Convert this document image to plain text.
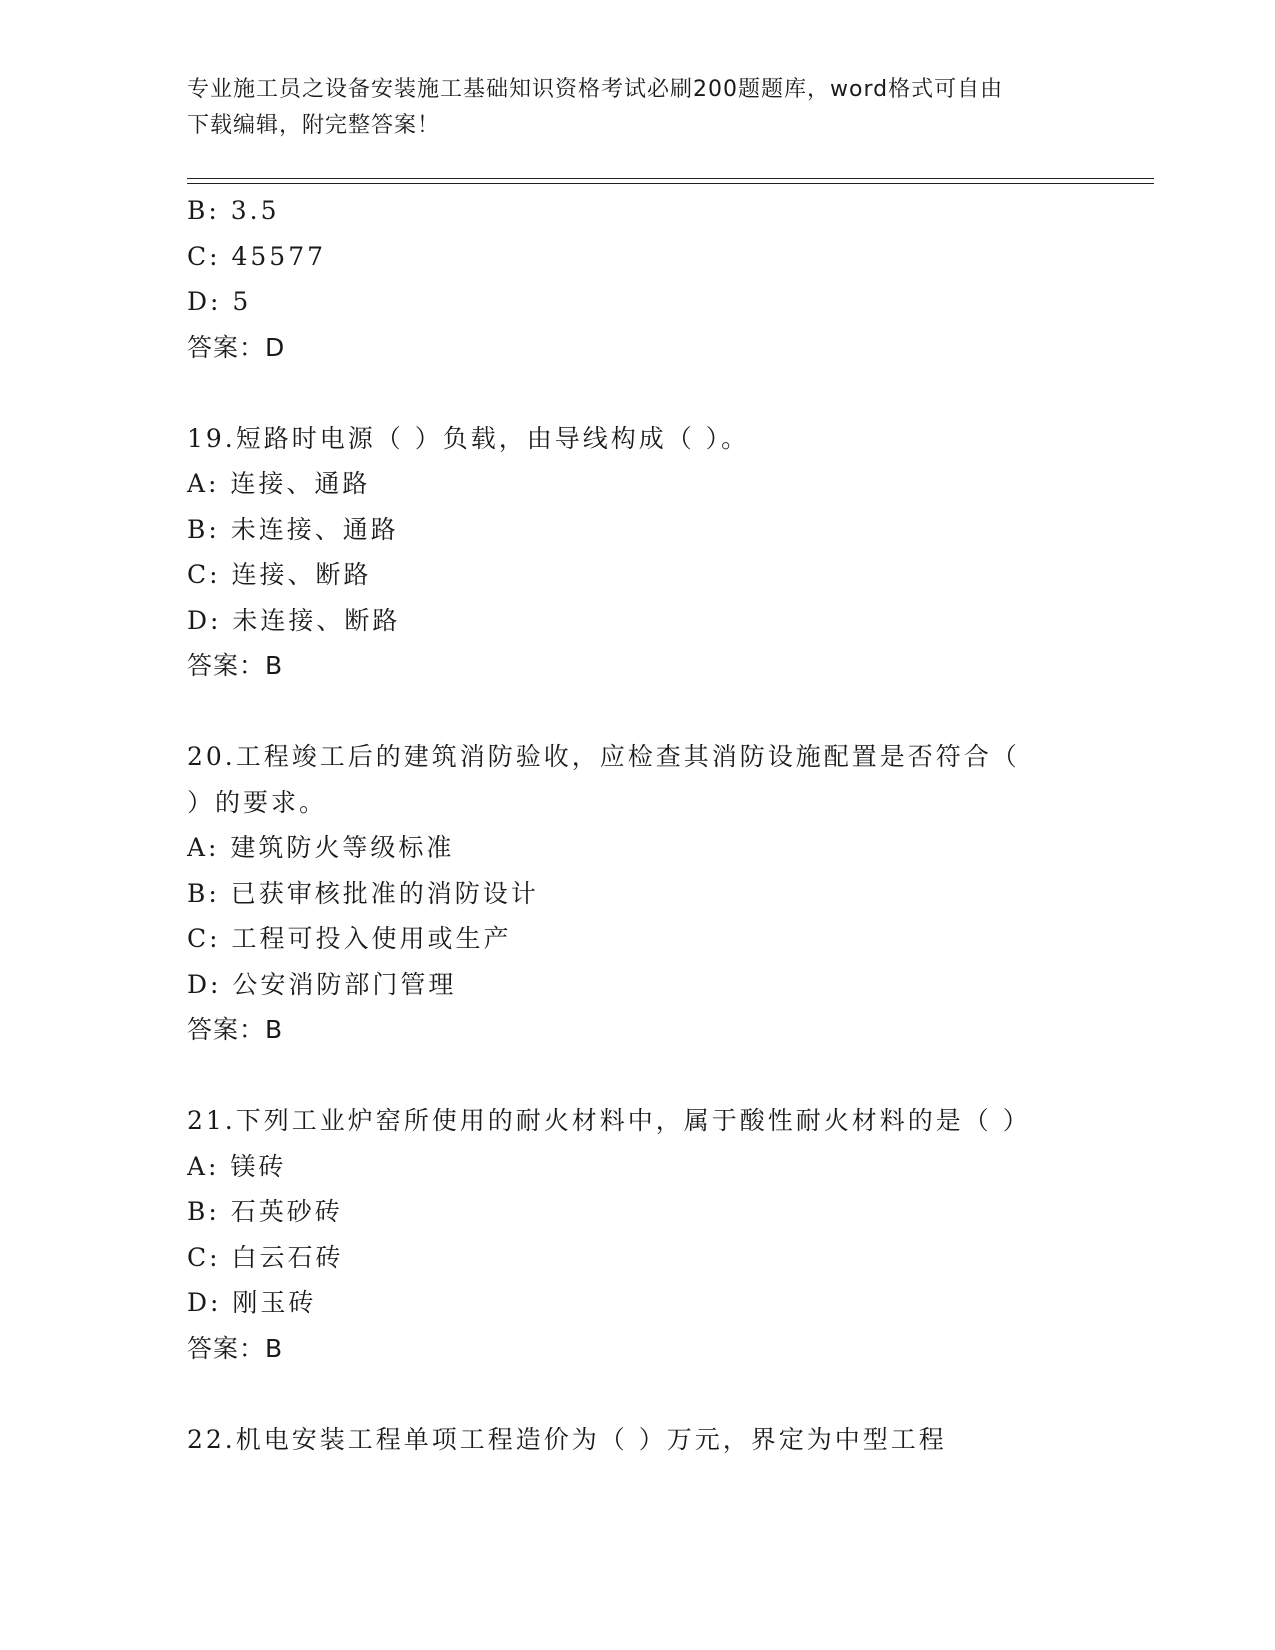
专业施工员之设备安装施工基础知识资格考试必刷200题题库，word格式可自由
下载编辑，附完整答案！
B: 3.5
C: 45577
D: 5
答案：D
19.短路时电源（ ）负载，由导线构成（ ）。
A: 连接、通路
B: 未连接、通路
C: 连接、断路
D: 未连接、断路
答案：B
20.工程竣工后的建筑消防验收，应检查其消防设施配置是否符合（
）的要求。
A: 建筑防火等级标准
B: 已获审核批准的消防设计
C: 工程可投入使用或生产
D: 公安消防部门管理
答案：B
21.下列工业炉窑所使用的耐火材料中，属于酸性耐火材料的是（ ）
A: 镁砖
B: 石英砂砖
C: 白云石砖
D: 刚玉砖
答案：B
22.机电安装工程单项工程造价为（ ）万元，界定为中型工程
